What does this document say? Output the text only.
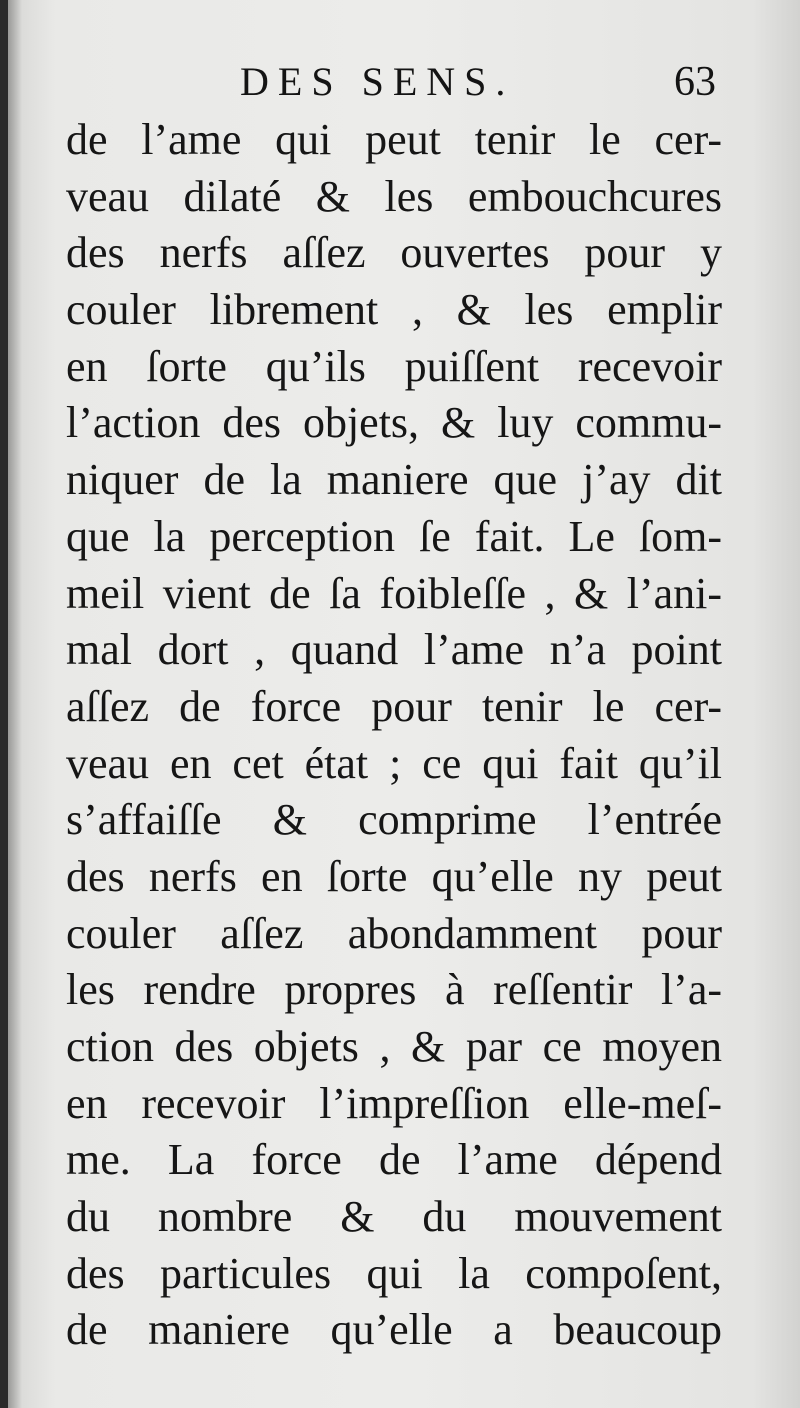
DES SENS.	63
de l’ame qui peut tenir le cer-
veau dilaté & les embouchcures
des nerfs aſſez ouvertes pour y
couler librement , & les emplir
en ſorte qu’ils puiſſent recevoir
l’action des objets, & luy commu-
niquer de la maniere que j’ay dit
que la perception ſe fait. Le ſom-
meil vient de ſa foibleſſe , & l’ani-
mal dort , quand l’ame n’a point
aſſez de force pour tenir le cer-
veau en cet état ; ce qui fait qu’il
s’affaiſſe & comprime l’entrée
des nerfs en ſorte qu’elle ny peut
couler aſſez abondamment pour
les rendre propres à reſſentir l’a-
ction des objets , & par ce moyen
en recevoir l’impreſſion elle-meſ-
me. La force de l’ame dépend
du nombre & du mouvement
des particules qui la compoſent,
de maniere qu’elle a beaucoup
